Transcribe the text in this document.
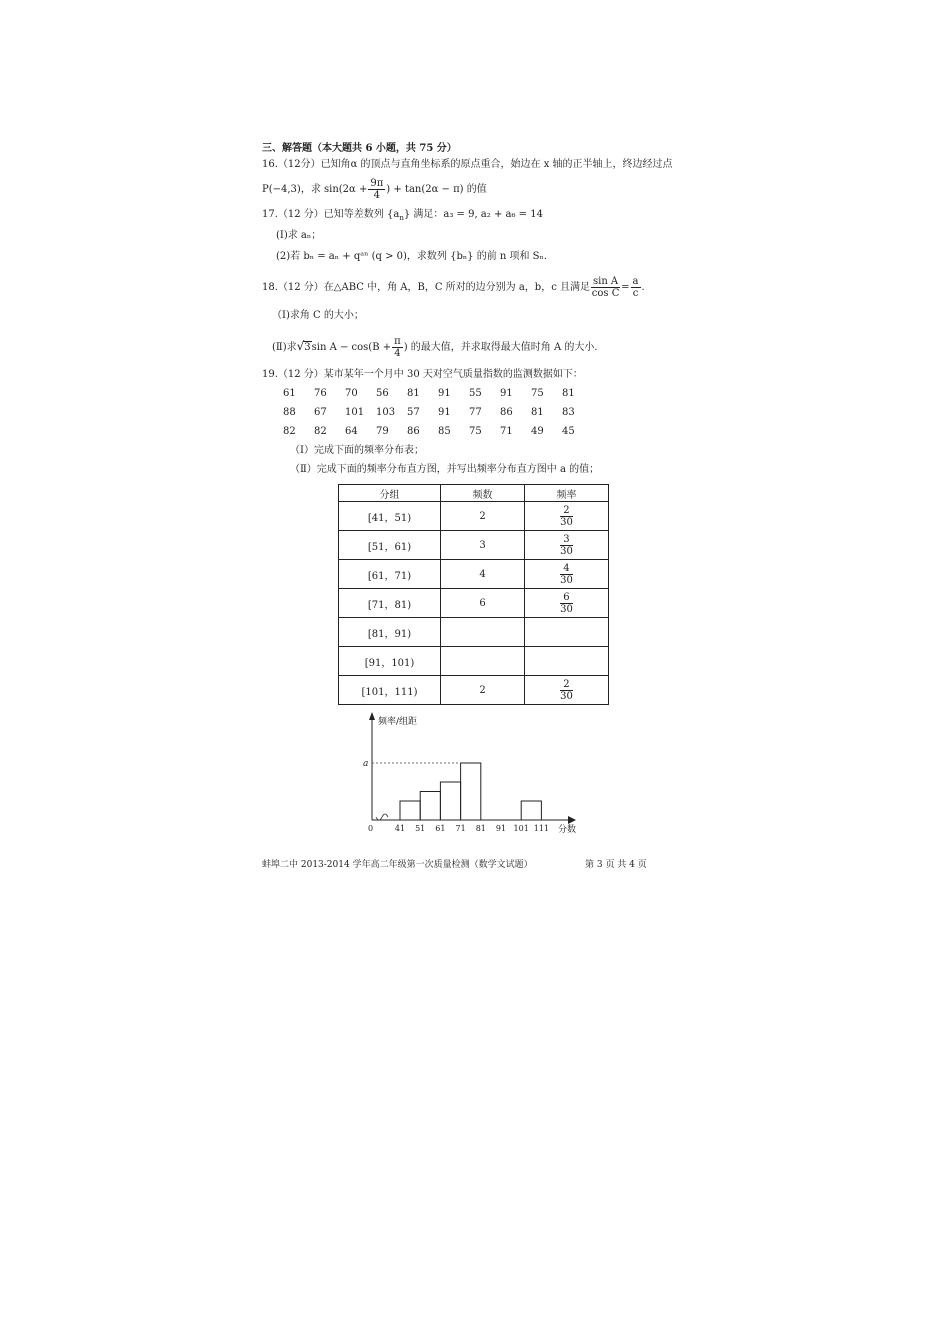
三、解答题（本大题共 6 小题，共 75 分）
16.（12分）已知角α 的顶点与直角坐标系的原点重合，始边在 x 轴的正半轴上，终边经过点
P(−4,3)，求 $\sin(2\alpha + \frac{9\pi}{4}$ ) + tan(2α − π) 的值
17.（12 分）已知等差数列 $\{a_n\}$ 满足：a₃ = 9, a₂ + a₆ = 14
(I)求 aₙ；
(2)若 bₙ = aₙ + qᵃⁿ (q > 0)，求数列 {bₙ} 的前 n 项和 Sₙ．
18.（12 分）在△ABC 中，角 A，B，C 所对的边分别为 a，b，c 且满足 $\frac{\text{sin A}}{\text{cos C}} = \frac{a}{c}$ .
（Ⅰ)求角 C 的大小；
(Ⅱ)求√3sin $A - \cos(B + \frac{\pi}{4}$ ) 的最大值，并求取得最大值时角 A 的大小.
19.（12 分）某市某年一个月中 30 天对空气质量指数的监测数据如下：
61 76 70 56 81 91 55 91 75 81
88 67 101 103 57 91 77 86 81 83
82 82 64 79 86 85 75 71 49 45
（Ⅰ）完成下面的频率分布表；
（Ⅱ）完成下面的频率分布直方图，并写出频率分布直方图中 a 的值；
分组	频数	频率
[41，51)	2	$\frac{2}{30}$

[51，61)	3	$\frac{3}{30}$

[61，71)	4	$\frac{4}{30}$

[71，81)	6	$\frac{6}{30}$

[81，91)		
[91，101)		
[101，111)	2	$\frac{2}{30}$
a
频率/组距
0	41 51 61 71 81 91 101 111 分数
蚌埠二中 2013-2014 学年高二年级第一次质量检测（数学文试题）	第 3 页 共 4 页
